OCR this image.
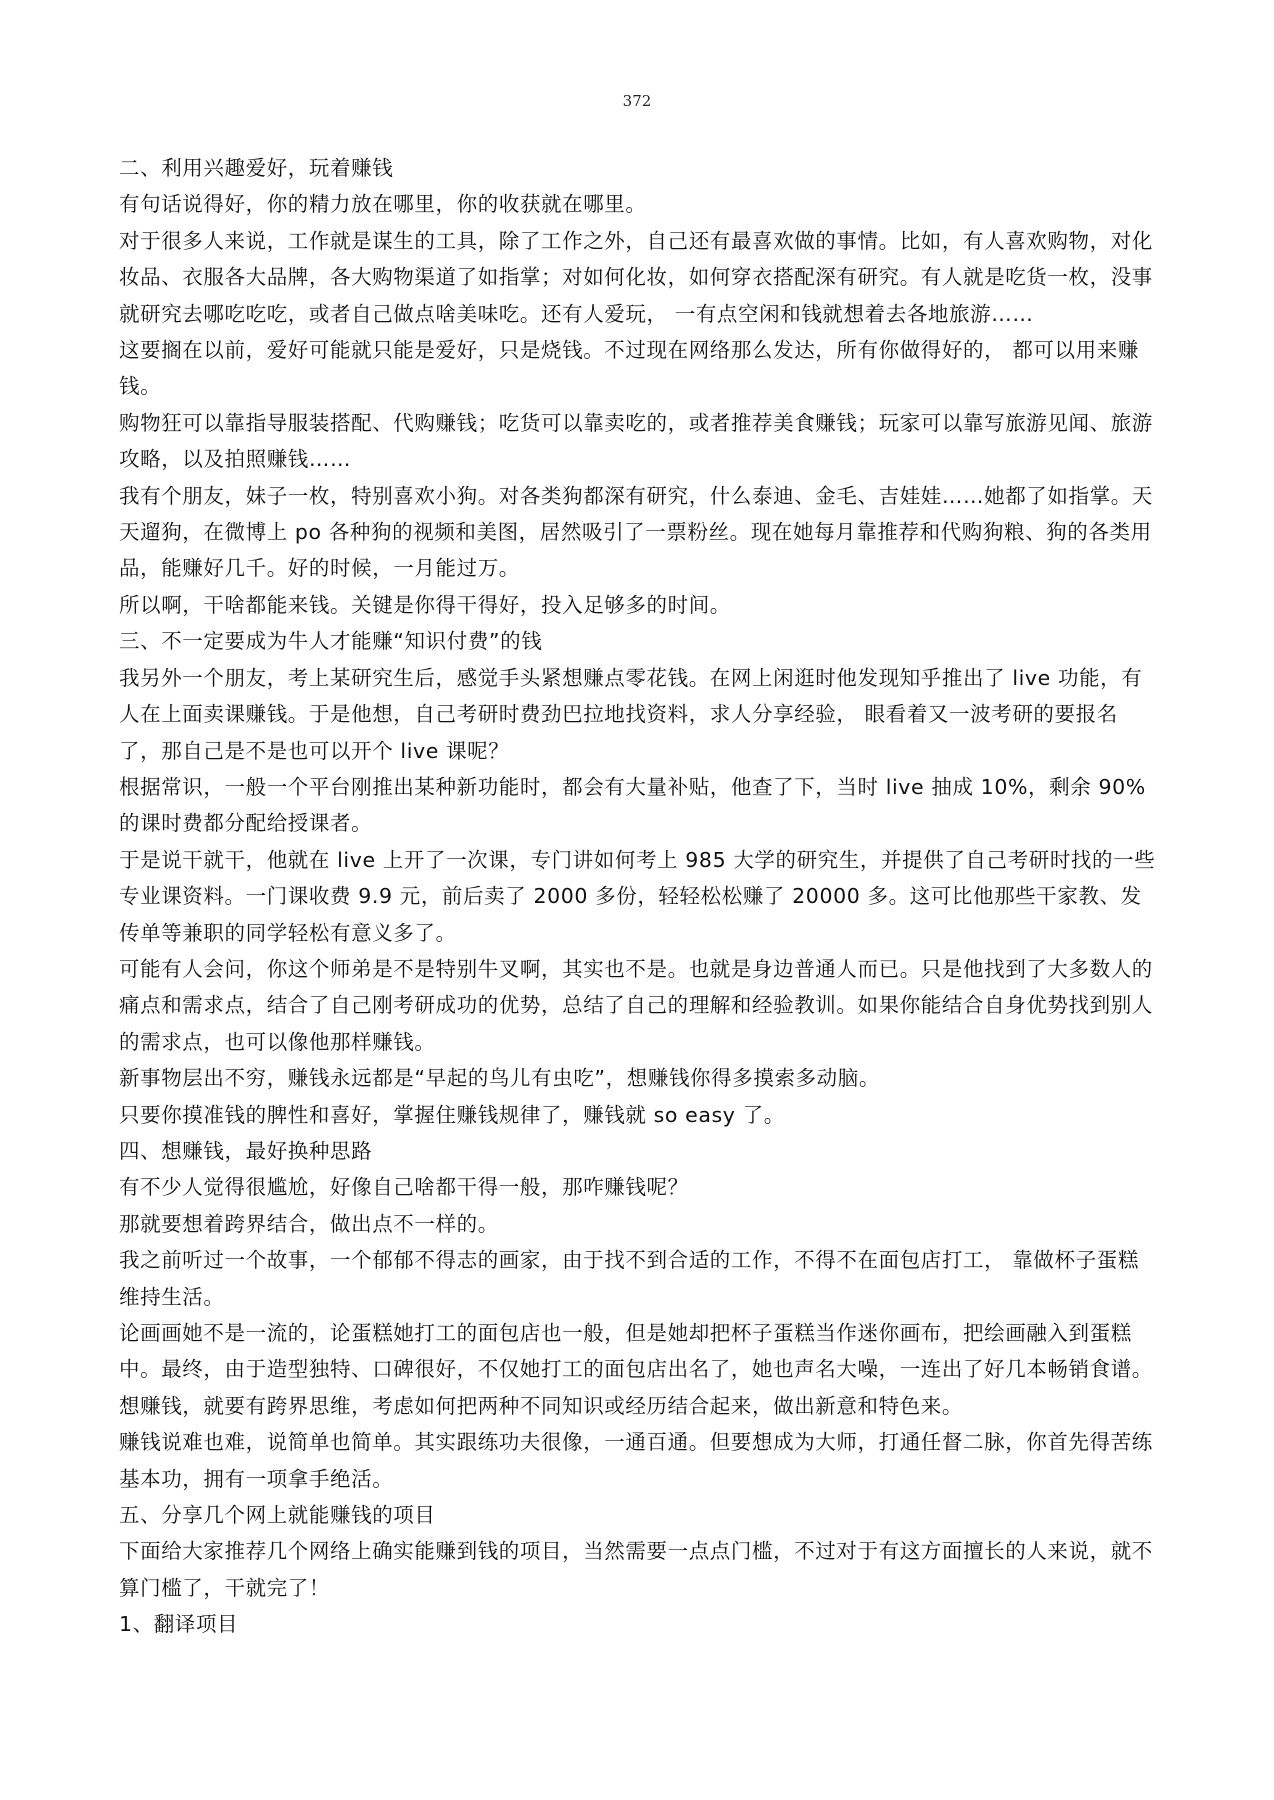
372

二、利用兴趣爱好，玩着赚钱

有句话说得好，你的精力放在哪里，你的收获就在哪里。

对于很多人来说，工作就是谋生的工具，除了工作之外，自己还有最喜欢做的事情。比如，有人喜欢购物，对化妆品、衣服各大品牌，各大购物渠道了如指掌；对如何化妆，如何穿衣搭配深有研究。有人就是吃货一枚，没事就研究去哪吃吃吃，或者自己做点啥美味吃。还有人爱玩， 一有点空闲和钱就想着去各地旅游……

这要搁在以前，爱好可能就只能是爱好，只是烧钱。不过现在网络那么发达，所有你做得好的， 都可以用来赚钱。

购物狂可以靠指导服装搭配、代购赚钱；吃货可以靠卖吃的，或者推荐美食赚钱；玩家可以靠写旅游见闻、旅游攻略，以及拍照赚钱……

我有个朋友，妹子一枚，特别喜欢小狗。对各类狗都深有研究，什么泰迪、金毛、吉娃娃……她都了如指掌。天天遛狗，在微博上 po 各种狗的视频和美图，居然吸引了一票粉丝。现在她每月靠推荐和代购狗粮、狗的各类用品，能赚好几千。好的时候，一月能过万。

所以啊，干啥都能来钱。关键是你得干得好，投入足够多的时间。

三、不一定要成为牛人才能赚“知识付费”的钱

我另外一个朋友，考上某研究生后，感觉手头紧想赚点零花钱。在网上闲逛时他发现知乎推出了 live 功能，有人在上面卖课赚钱。于是他想，自己考研时费劲巴拉地找资料，求人分享经验， 眼看着又一波考研的要报名了，那自己是不是也可以开个 live 课呢？

根据常识，一般一个平台刚推出某种新功能时，都会有大量补贴，他查了下，当时 live 抽成 10%，剩余 90%的课时费都分配给授课者。

于是说干就干，他就在 live 上开了一次课，专门讲如何考上 985 大学的研究生，并提供了自己考研时找的一些专业课资料。一门课收费 9.9 元，前后卖了 2000 多份，轻轻松松赚了 20000 多。这可比他那些干家教、发传单等兼职的同学轻松有意义多了。

可能有人会问，你这个师弟是不是特别牛叉啊，其实也不是。也就是身边普通人而已。只是他找到了大多数人的痛点和需求点，结合了自己刚考研成功的优势，总结了自己的理解和经验教训。如果你能结合自身优势找到别人的需求点，也可以像他那样赚钱。

新事物层出不穷，赚钱永远都是“早起的鸟儿有虫吃”，想赚钱你得多摸索多动脑。

只要你摸准钱的脾性和喜好，掌握住赚钱规律了，赚钱就 so easy 了。

四、想赚钱，最好换种思路

有不少人觉得很尴尬，好像自己啥都干得一般，那咋赚钱呢？

那就要想着跨界结合，做出点不一样的。

我之前听过一个故事，一个郁郁不得志的画家，由于找不到合适的工作，不得不在面包店打工， 靠做杯子蛋糕维持生活。

论画画她不是一流的，论蛋糕她打工的面包店也一般，但是她却把杯子蛋糕当作迷你画布，把绘画融入到蛋糕中。最终，由于造型独特、口碑很好，不仅她打工的面包店出名了，她也声名大噪，一连出了好几本畅销食谱。

想赚钱，就要有跨界思维，考虑如何把两种不同知识或经历结合起来，做出新意和特色来。

赚钱说难也难，说简单也简单。其实跟练功夫很像，一通百通。但要想成为大师，打通任督二脉，你首先得苦练基本功，拥有一项拿手绝活。

五、分享几个网上就能赚钱的项目

下面给大家推荐几个网络上确实能赚到钱的项目，当然需要一点点门槛，不过对于有这方面擅长的人来说，就不算门槛了，干就完了！

1、翻译项目
